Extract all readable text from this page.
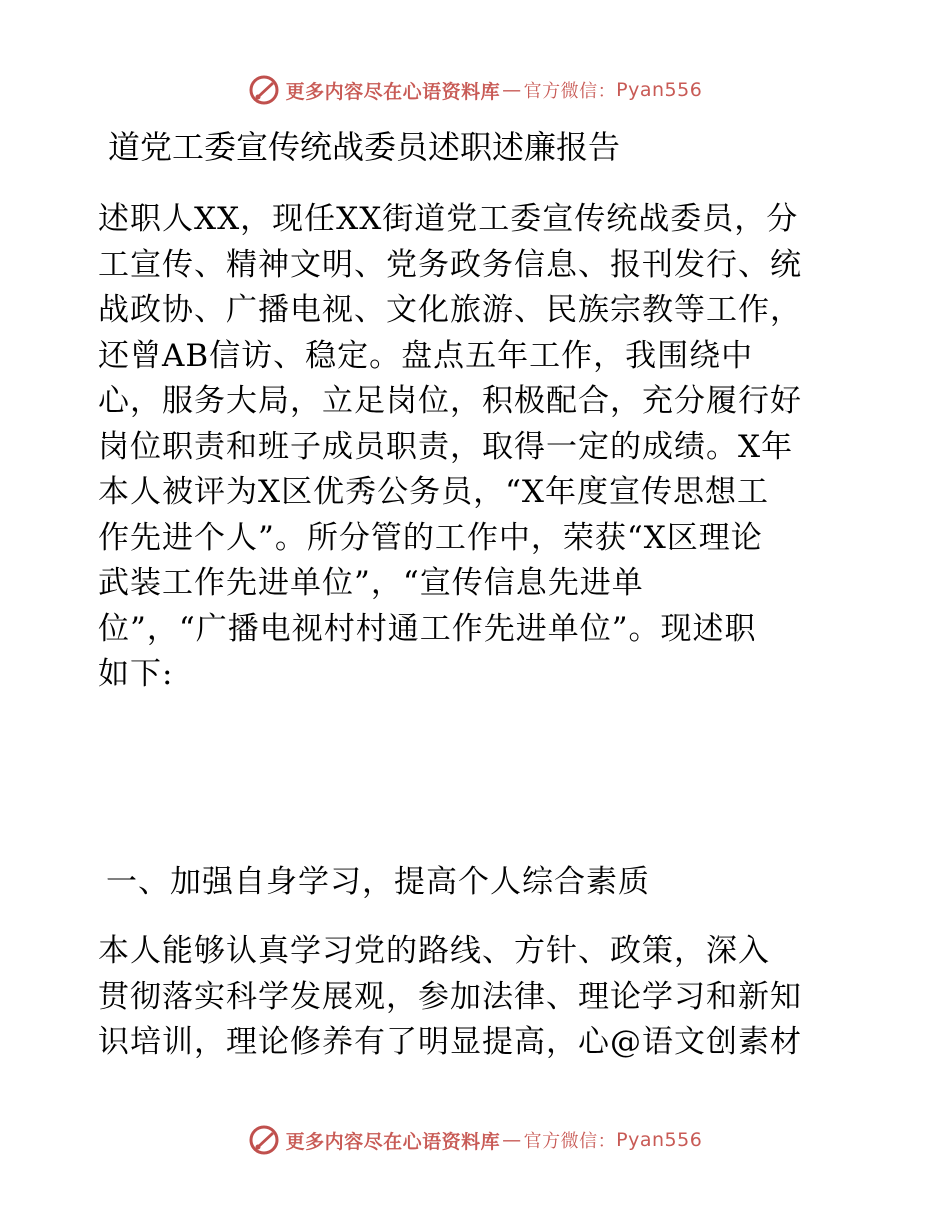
更多内容尽在心语资料库 — 官方微信： Pyan556
道党工委宣传统战委员述职述廉报告
述职人XX，现任XX街道党工委宣传统战委员，分
工宣传、精神文明、党务政务信息、报刊发行、统
战政协、广播电视、文化旅游、民族宗教等工作，
还曾AB信访、稳定。盘点五年工作，我围绕中
心，服务大局，立足岗位，积极配合，充分履行好
岗位职责和班子成员职责，取得一定的成绩。X年
本人被评为X区优秀公务员，“X年度宣传思想工
作先进个人”。所分管的工作中，荣获“X区理论
武装工作先进单位”，“宣传信息先进单
位”，“广播电视村村通工作先进单位”。现述职
如下:
一、加强自身学习，提高个人综合素质
本人能够认真学习党的路线、方针、政策，深入
贯彻落实科学发展观，参加法律、理论学习和新知
识培训，理论修养有了明显提高，心@语文创素材
更多内容尽在心语资料库 — 官方微信： Pyan556
